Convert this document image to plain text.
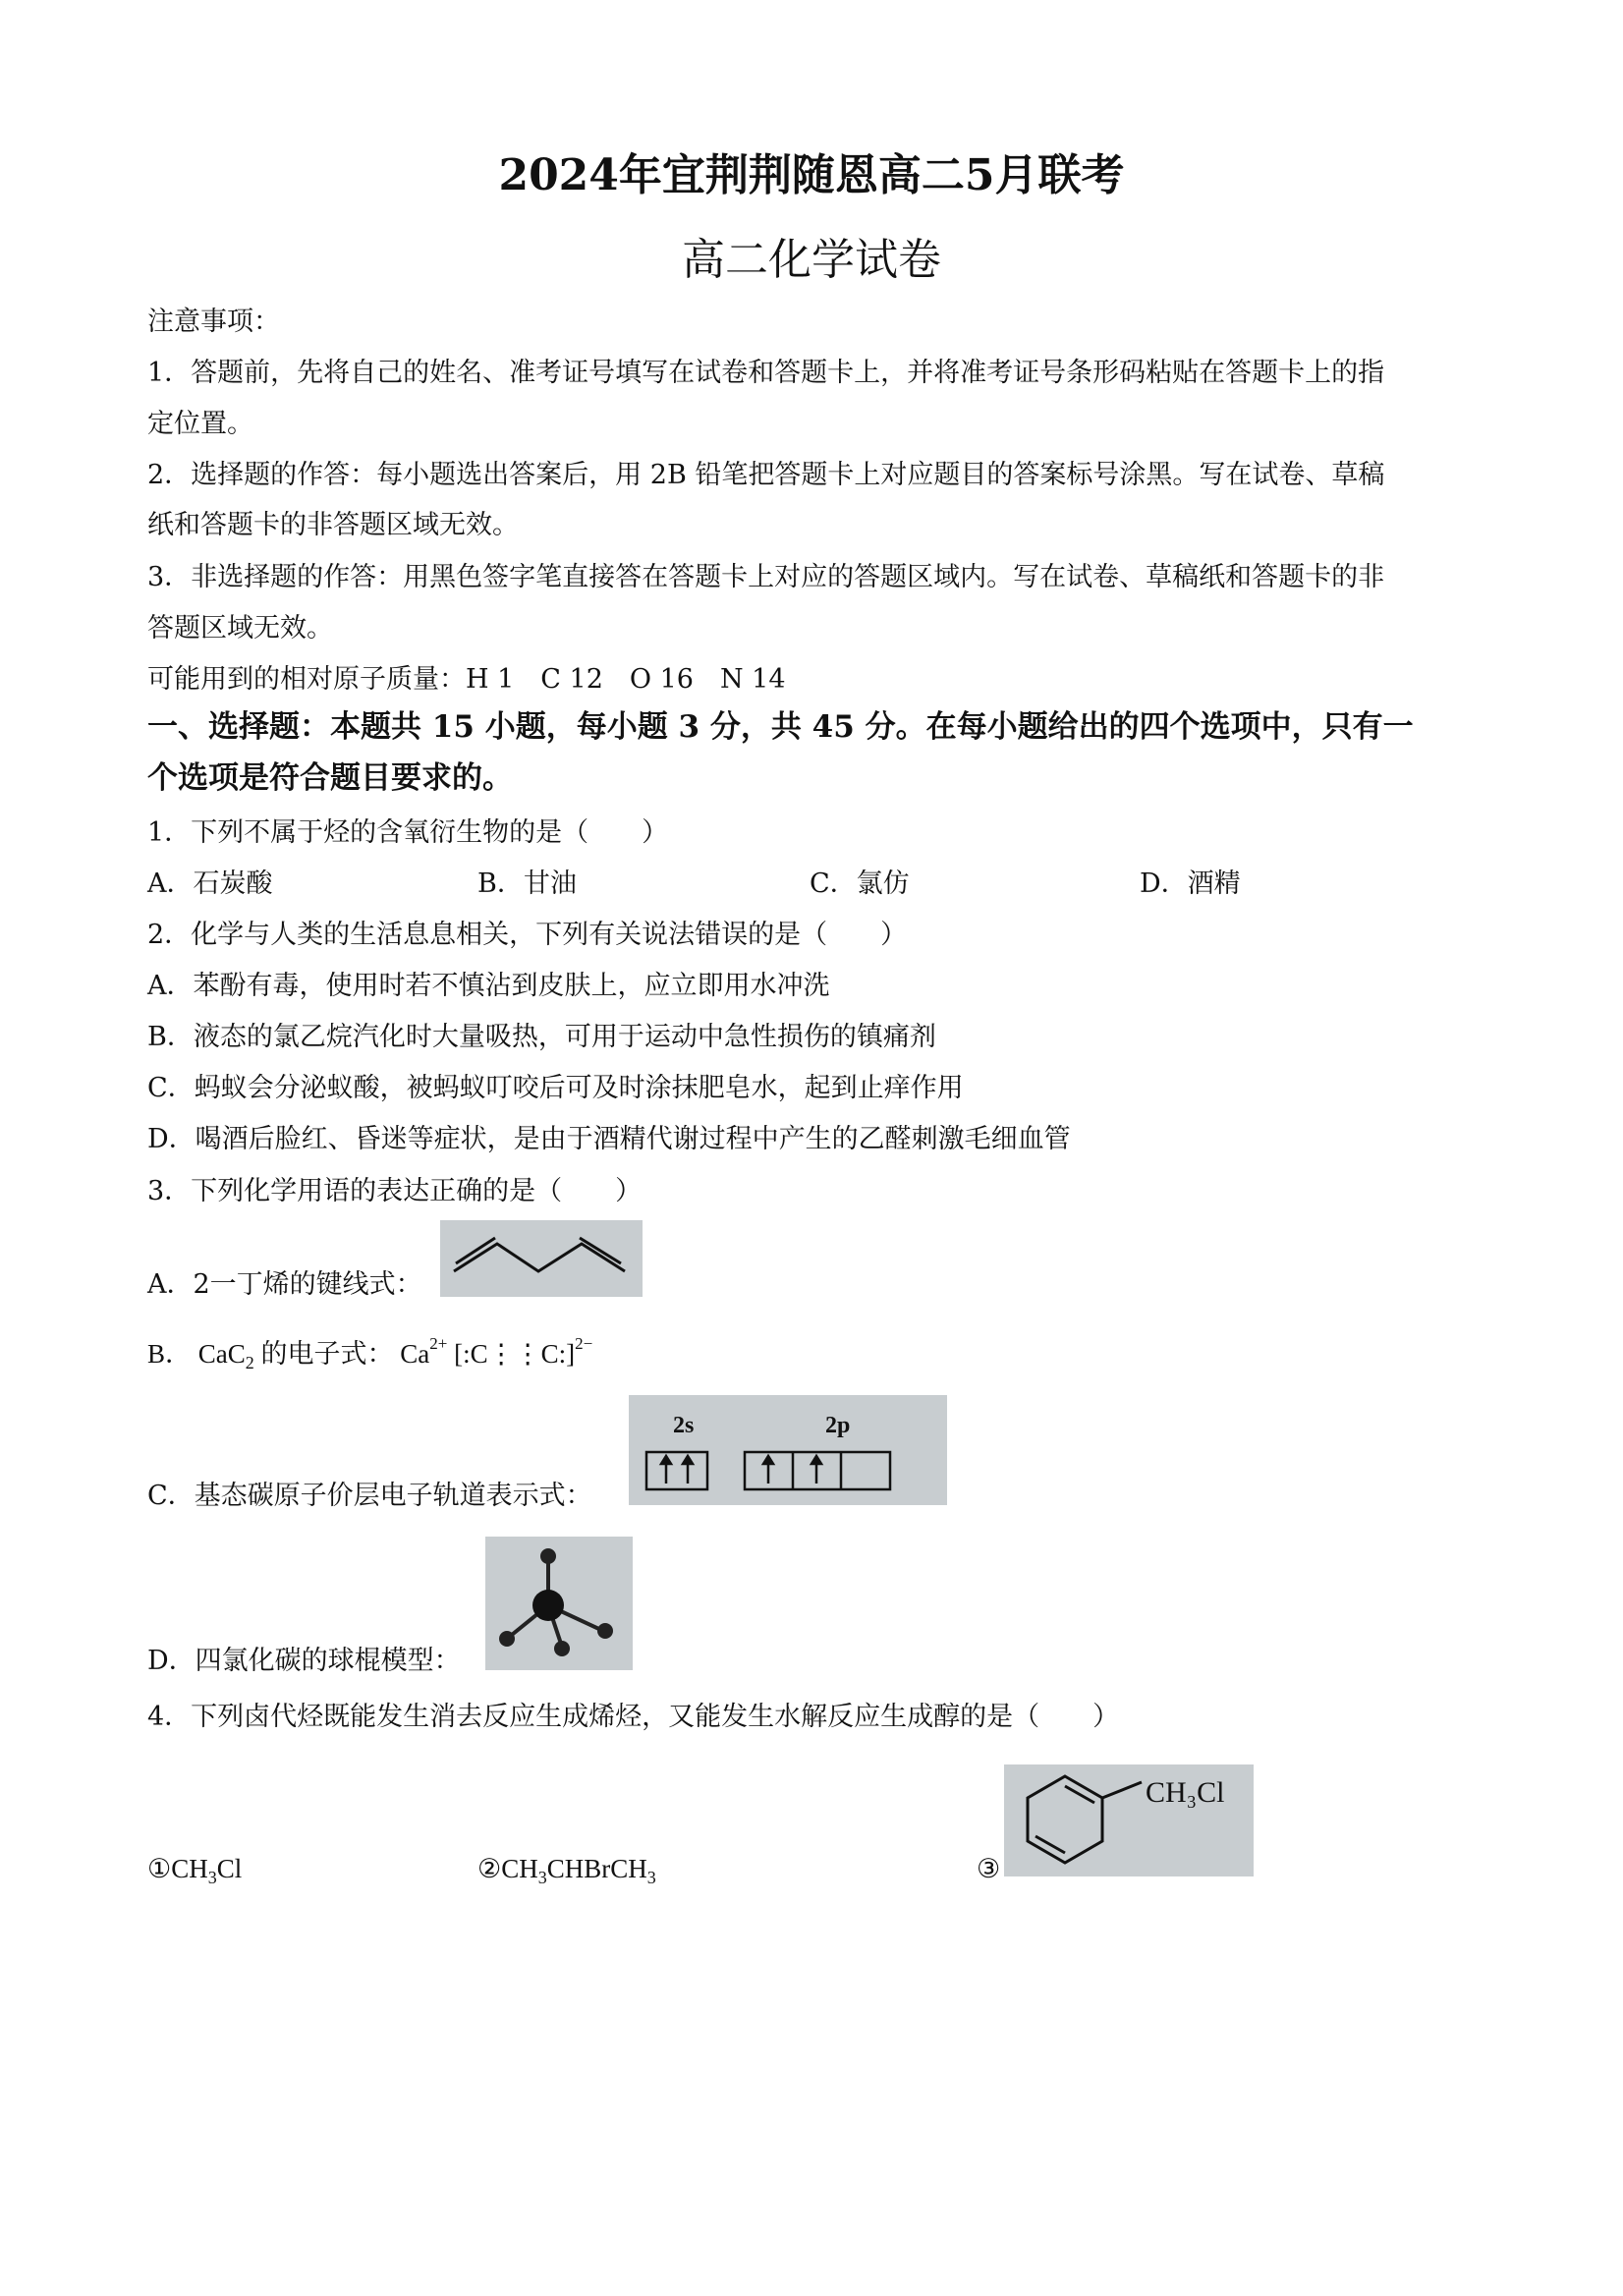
2024年宜荆荆随恩高二5月联考
高二化学试卷
注意事项：
1．答题前，先将自己的姓名、准考证号填写在试卷和答题卡上，并将准考证号条形码粘贴在答题卡上的指
定位置。
2．选择题的作答：每小题选出答案后，用 2B 铅笔把答题卡上对应题目的答案标号涂黑。写在试卷、草稿
纸和答题卡的非答题区域无效。
3．非选择题的作答：用黑色签字笔直接答在答题卡上对应的答题区域内。写在试卷、草稿纸和答题卡的非
答题区域无效。
可能用到的相对原子质量：H 1　C 12　O 16　N 14
一、选择题：本题共 15 小题，每小题 3 分，共 45 分。在每小题给出的四个选项中，只有一
个选项是符合题目要求的。
1．下列不属于烃的含氧衍生物的是（　　）
A．石炭酸	B．甘油	C．氯仿	D．酒精
2．化学与人类的生活息息相关，下列有关说法错误的是（　　）
A．苯酚有毒，使用时若不慎沾到皮肤上，应立即用水冲洗
B．液态的氯乙烷汽化时大量吸热，可用于运动中急性损伤的镇痛剂
C．蚂蚁会分泌蚁酸，被蚂蚁叮咬后可及时涂抹肥皂水，起到止痒作用
D．喝酒后脸红、昏迷等症状，是由于酒精代谢过程中产生的乙醛刺激毛细血管
3．下列化学用语的表达正确的是（　　）
A．2一丁烯的键线式：
B． CaC$_2$ 的电子式： $Ca^{2+}$ [:C⋮⋮C:]$^{2-}$
C．基态碳原子价层电子轨道表示式：
2s	2p
D．四氯化碳的球棍模型：
4．下列卤代烃既能发生消去反应生成烯烃，又能发生水解反应生成醇的是（　　）
$①CH_3Cl$	$②CH_3CHBrCH_3$	③
CH₃Cl
